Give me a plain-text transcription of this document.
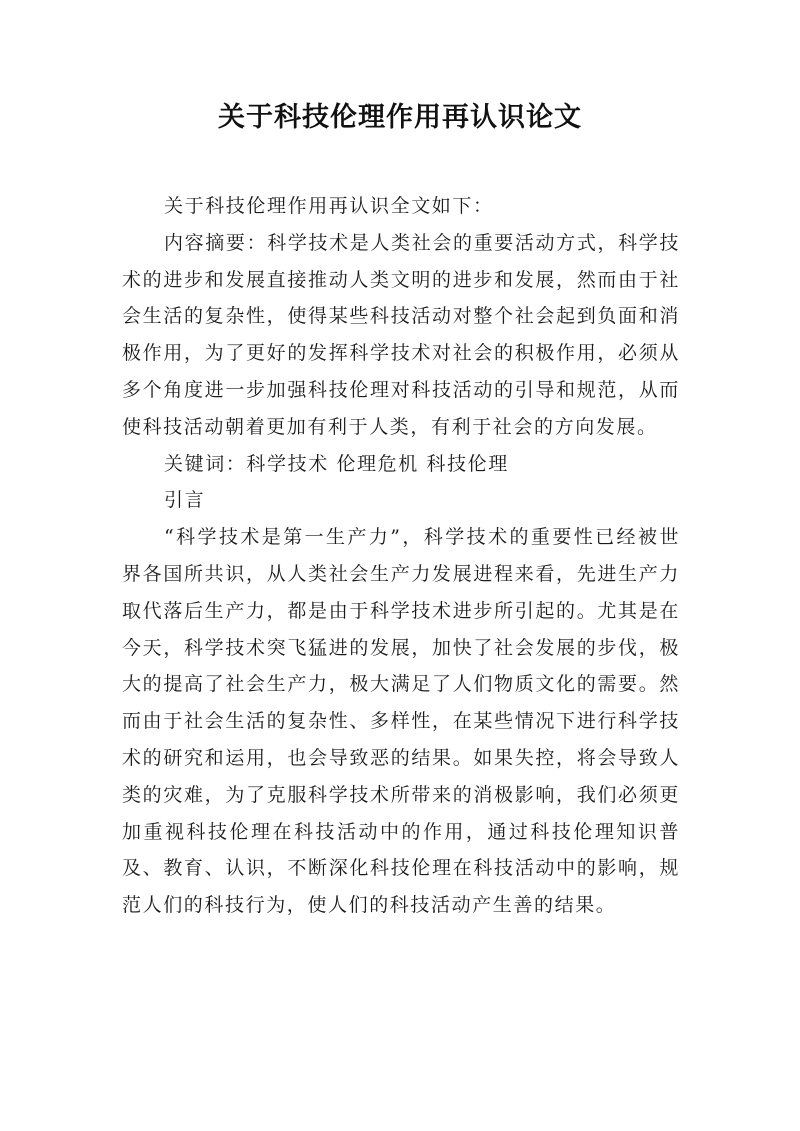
关于科技伦理作用再认识论文

关于科技伦理作用再认识全文如下：

内容摘要：科学技术是人类社会的重要活动方式，科学技术的进步和发展直接推动人类文明的进步和发展，然而由于社会生活的复杂性，使得某些科技活动对整个社会起到负面和消极作用，为了更好的发挥科学技术对社会的积极作用，必须从多个角度进一步加强科技伦理对科技活动的引导和规范，从而使科技活动朝着更加有利于人类，有利于社会的方向发展。

关键词：科学技术 伦理危机 科技伦理

引言

“科学技术是第一生产力”，科学技术的重要性已经被世界各国所共识，从人类社会生产力发展进程来看，先进生产力取代落后生产力，都是由于科学技术进步所引起的。尤其是在今天，科学技术突飞猛进的发展，加快了社会发展的步伐，极大的提高了社会生产力，极大满足了人们物质文化的需要。然而由于社会生活的复杂性、多样性，在某些情况下进行科学技术的研究和运用，也会导致恶的结果。如果失控，将会导致人类的灾难，为了克服科学技术所带来的消极影响，我们必须更加重视科技伦理在科技活动中的作用，通过科技伦理知识普及、教育、认识，不断深化科技伦理在科技活动中的影响，规范人们的科技行为，使人们的科技活动产生善的结果。
